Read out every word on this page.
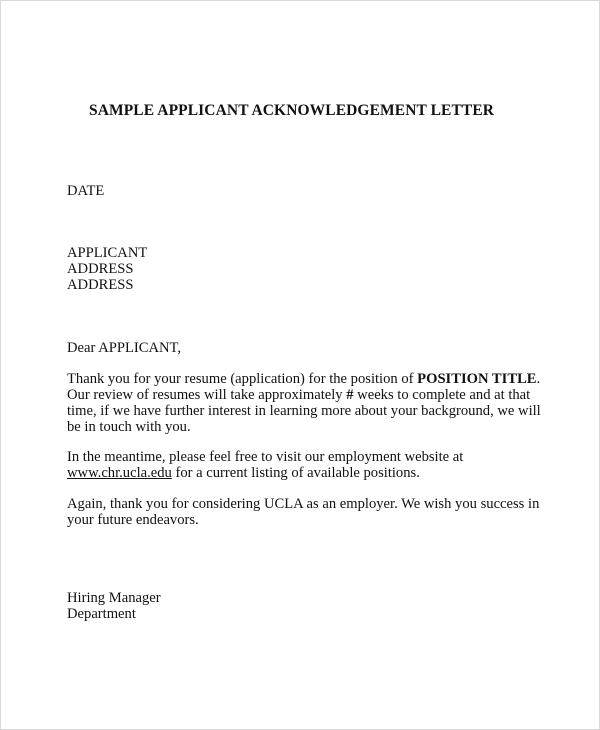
SAMPLE APPLICANT ACKNOWLEDGEMENT LETTER
DATE
APPLICANT
ADDRESS
ADDRESS
Dear APPLICANT,

Thank you for your resume (application) for the position of POSITION TITLE. Our review of resumes will take approximately # weeks to complete and at that time, if we have further interest in learning more about your background, we will be in touch with you.

In the meantime, please feel free to visit our employment website at www.chr.ucla.edu for a current listing of available positions.

Again, thank you for considering UCLA as an employer. We wish you success in your future endeavors.

Hiring Manager
Department
